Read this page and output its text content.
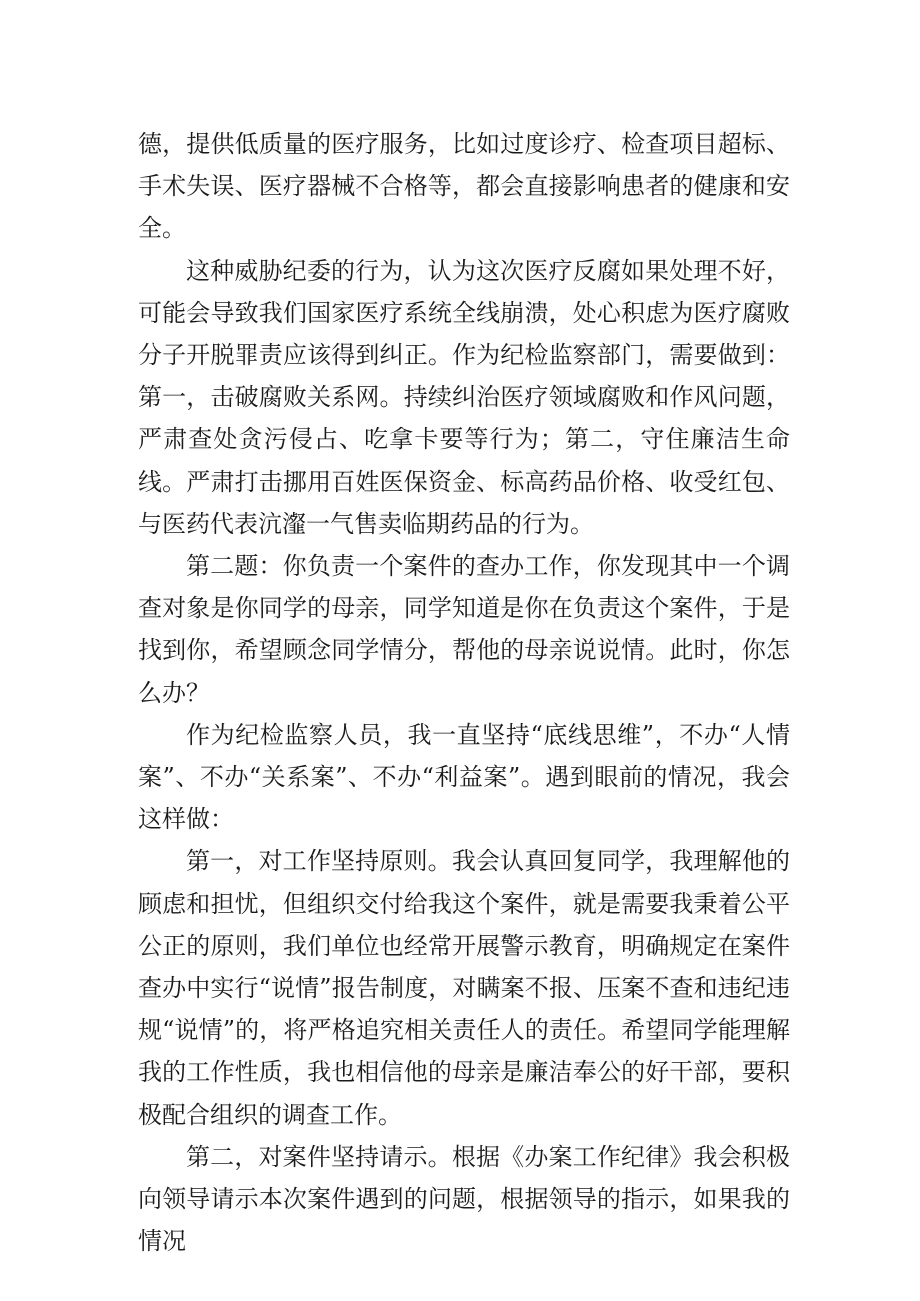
德，提供低质量的医疗服务，比如过度诊疗、检查项目超标、手术失误、医疗器械不合格等，都会直接影响患者的健康和安全。

这种威胁纪委的行为，认为这次医疗反腐如果处理不好，可能会导致我们国家医疗系统全线崩溃，处心积虑为医疗腐败分子开脱罪责应该得到纠正。作为纪检监察部门，需要做到：第一，击破腐败关系网。持续纠治医疗领域腐败和作风问题，严肃查处贪污侵占、吃拿卡要等行为；第二，守住廉洁生命线。严肃打击挪用百姓医保资金、标高药品价格、收受红包、与医药代表沆瀣一气售卖临期药品的行为。

第二题：你负责一个案件的查办工作，你发现其中一个调查对象是你同学的母亲，同学知道是你在负责这个案件，于是找到你，希望顾念同学情分，帮他的母亲说说情。此时，你怎么办？

作为纪检监察人员，我一直坚持“底线思维”，不办“人情案”、不办“关系案”、不办“利益案”。遇到眼前的情况，我会这样做：

第一，对工作坚持原则。我会认真回复同学，我理解他的顾虑和担忧，但组织交付给我这个案件，就是需要我秉着公平公正的原则，我们单位也经常开展警示教育，明确规定在案件查办中实行“说情”报告制度，对瞒案不报、压案不查和违纪违规“说情”的，将严格追究相关责任人的责任。希望同学能理解我的工作性质，我也相信他的母亲是廉洁奉公的好干部，要积极配合组织的调查工作。

第二，对案件坚持请示。根据《办案工作纪律》我会积极向领导请示本次案件遇到的问题，根据领导的指示，如果我的情况
